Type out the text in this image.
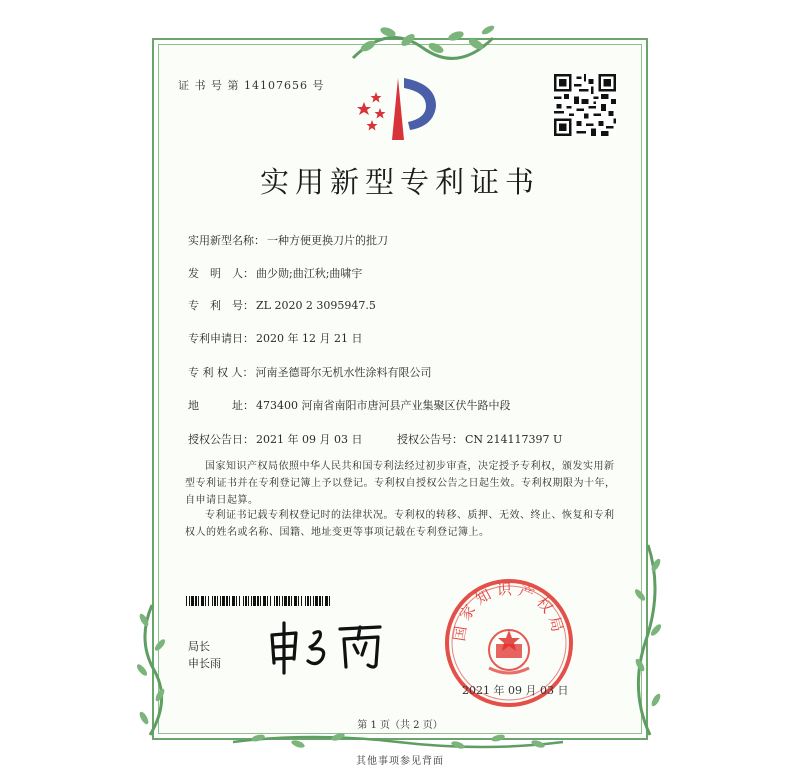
证 书 号 第 14107656 号
实用新型专利证书
实用新型名称： 一种方便更换刀片的批刀
发　明　人： 曲少勋;曲江秋;曲啸宇
专　利　号： ZL 2020 2 3095947.5
专利申请日： 2020 年 12 月 21 日
专 利 权 人： 河南圣德哥尔无机水性涂料有限公司
地　　　址： 473400 河南省南阳市唐河县产业集聚区伏牛路中段
授权公告日： 2021 年 09 月 03 日	授权公告号： CN 214117397 U
国家知识产权局依照中华人民共和国专利法经过初步审查，决定授予专利权，颁发实用新型专利证书并在专利登记簿上予以登记。专利权自授权公告之日起生效。专利权期限为十年，自申请日起算。
专利证书记载专利权登记时的法律状况。专利权的转移、质押、无效、终止、恢复和专利权人的姓名或名称、国籍、地址变更等事项记载在专利登记簿上。
局长
申长雨
国家知识产权局
2021 年 09 月 03 日
第 1 页（共 2 页）
其他事项参见背面
